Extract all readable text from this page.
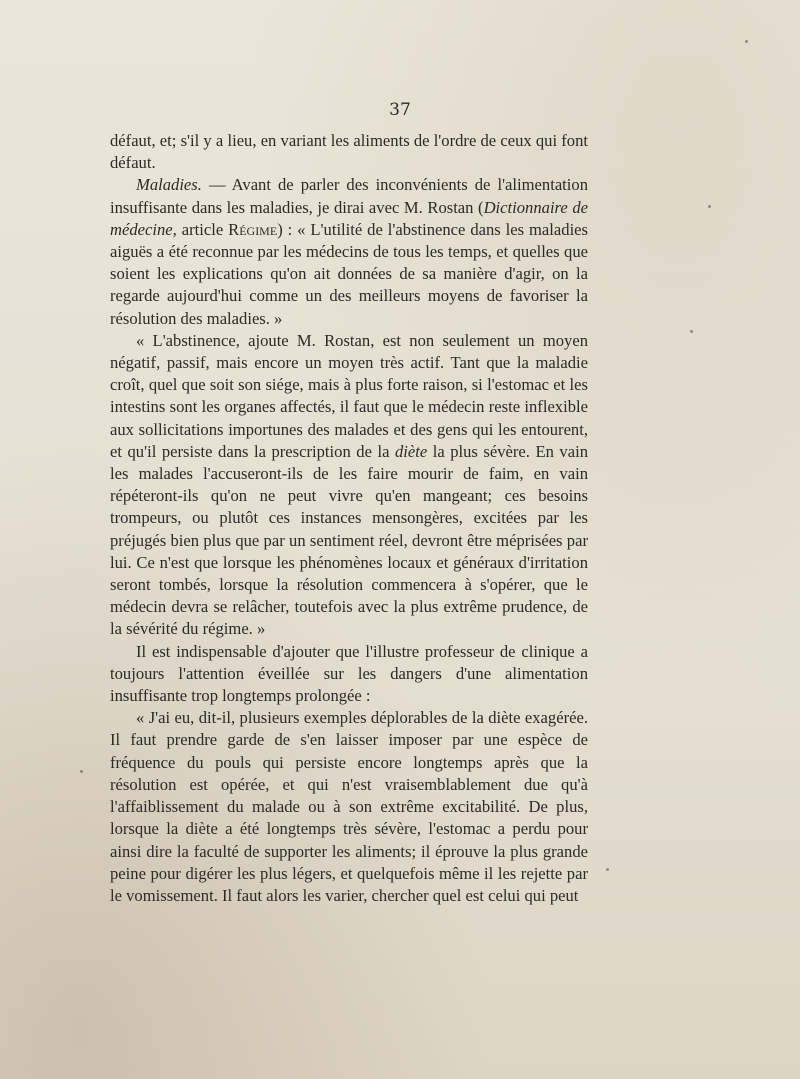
37

défaut, et; s'il y a lieu, en variant les aliments de l'ordre de ceux qui font défaut.

Maladies. — Avant de parler des inconvénients de l'alimentation insuffisante dans les maladies, je dirai avec M. Rostan (Dictionnaire de médecine, article Régime) : « L'utilité de l'abstinence dans les maladies aiguës a été reconnue par les médecins de tous les temps, et quelles que soient les explications qu'on ait données de sa manière d'agir, on la regarde aujourd'hui comme un des meilleurs moyens de favoriser la résolution des maladies. »

« L'abstinence, ajoute M. Rostan, est non seulement un moyen négatif, passif, mais encore un moyen très actif. Tant que la maladie croît, quel que soit son siége, mais à plus forte raison, si l'estomac et les intestins sont les organes affectés, il faut que le médecin reste inflexible aux sollicitations importunes des malades et des gens qui les entourent, et qu'il persiste dans la prescription de la diète la plus sévère. En vain les malades l'accuseront-ils de les faire mourir de faim, en vain répéteront-ils qu'on ne peut vivre qu'en mangeant; ces besoins trompeurs, ou plutôt ces instances mensongères, excitées par les préjugés bien plus que par un sentiment réel, devront être méprisées par lui. Ce n'est que lorsque les phénomènes locaux et généraux d'irritation seront tombés, lorsque la résolution commencera à s'opérer, que le médecin devra se relâcher, toutefois avec la plus extrême prudence, de la sévérité du régime. »

Il est indispensable d'ajouter que l'illustre professeur de clinique a toujours l'attention éveillée sur les dangers d'une alimentation insuffisante trop longtemps prolongée :

« J'ai eu, dit-il, plusieurs exemples déplorables de la diète exagérée. Il faut prendre garde de s'en laisser imposer par une espèce de fréquence du pouls qui persiste encore longtemps après que la résolution est opérée, et qui n'est vraisemblablement due qu'à l'affaiblissement du malade ou à son extrême excitabilité. De plus, lorsque la diète a été longtemps très sévère, l'estomac a perdu pour ainsi dire la faculté de supporter les aliments; il éprouve la plus grande peine pour digérer les plus légers, et quelquefois même il les rejette par le vomissement. Il faut alors les varier, chercher quel est celui qui peut
